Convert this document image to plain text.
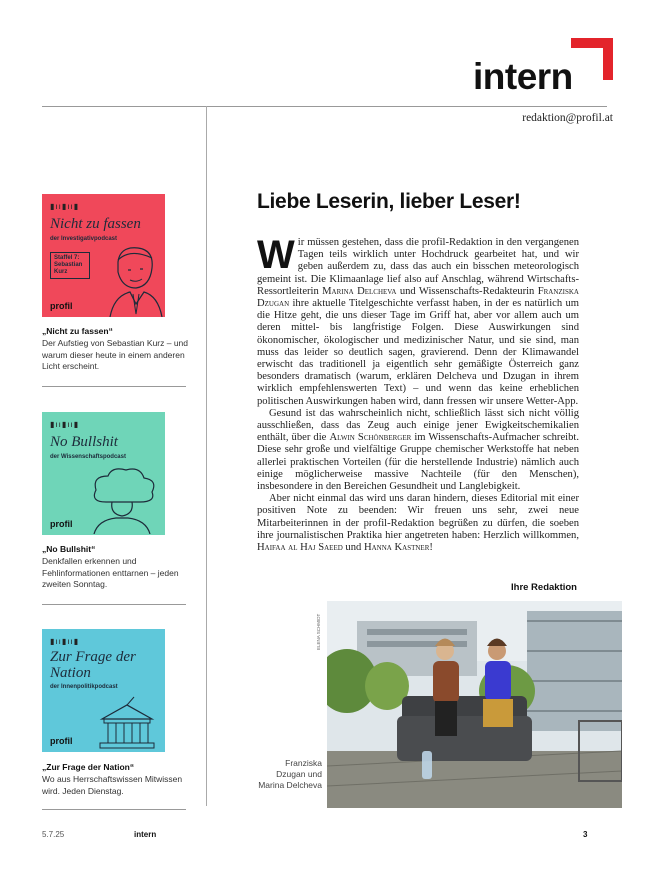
intern
redaktion@profil.at
▮ıı▮ıı▮
Nicht zu fassen
der Investigativpodcast
Staffel 7: Sebastian Kurz
profil
„Nicht zu fassen“
Der Aufstieg von Sebastian Kurz – und warum dieser heute in einem anderen Licht erscheint.
▮ıı▮ıı▮
No Bullshit
der Wissenschaftspodcast
profil
„No Bullshit“
Denkfallen erkennen und Fehlinformationen enttarnen – jeden zweiten Sonntag.
▮ıı▮ıı▮
Zur Frage der Nation
der Innenpolitikpodcast
profil
„Zur Frage der Nation“
Wo aus Herrschaftswissen Mitwissen wird. Jeden Dienstag.
Liebe Leserin, lieber Leser!

Wir müssen gestehen, dass die profil-Redaktion in den vergangenen Tagen teils wirklich unter Hochdruck gearbeitet hat, und wir geben außerdem zu, dass das auch ein bisschen meteorologisch gemeint ist. Die Klimaanlage lief also auf Anschlag, während Wirtschafts-Ressortleiterin Marina Delcheva und Wissenschafts-Redakteurin Franziska Dzugan ihre aktuelle Titelgeschichte verfasst haben, in der es natürlich um die Hitze geht, die uns dieser Tage im Griff hat, aber vor allem auch um deren mittel- bis langfristige Folgen. Diese Auswirkungen sind ökonomischer, ökologischer und medizinischer Natur, und sie sind, man muss das leider so deutlich sagen, gravierend. Denn der Klimawandel erwischt das traditionell ja eigentlich sehr gemäßigte Österreich ganz besonders dramatisch (warum, erklären Delcheva und Dzugan in ihrem wirklich empfehlenswerten Text) – und wenn das keine erheblichen politischen Auswirkungen haben wird, dann fressen wir unsere Wetter-App.

Gesund ist das wahrscheinlich nicht, schließlich lässt sich nicht völlig ausschließen, dass das Zeug auch einige jener Ewigkeitschemikalien enthält, über die Alwin Schönberger im Wissenschafts-Aufmacher schreibt. Diese sehr große und vielfältige Gruppe chemischer Werkstoffe hat neben allerlei praktischen Vorteilen (für die herstellende Industrie) nämlich auch einige möglicherweise massive Nachteile (für den Menschen), insbesondere in den Bereichen Gesundheit und Langlebigkeit.

Aber nicht einmal das wird uns daran hindern, dieses Editorial mit einer positiven Note zu beenden: Wir freuen uns sehr, zwei neue Mitarbeiterinnen in der profil-Redaktion begrüßen zu dürfen, die soeben ihre journalistischen Praktika hier angetreten haben: Herzlich willkommen, Haifaa al Haj Saeed und Hanna Kastner!

Ihre Redaktion
ELENA SCHMIDT
Franziska Dzugan und Marina Delcheva
5.7.25	intern	3
